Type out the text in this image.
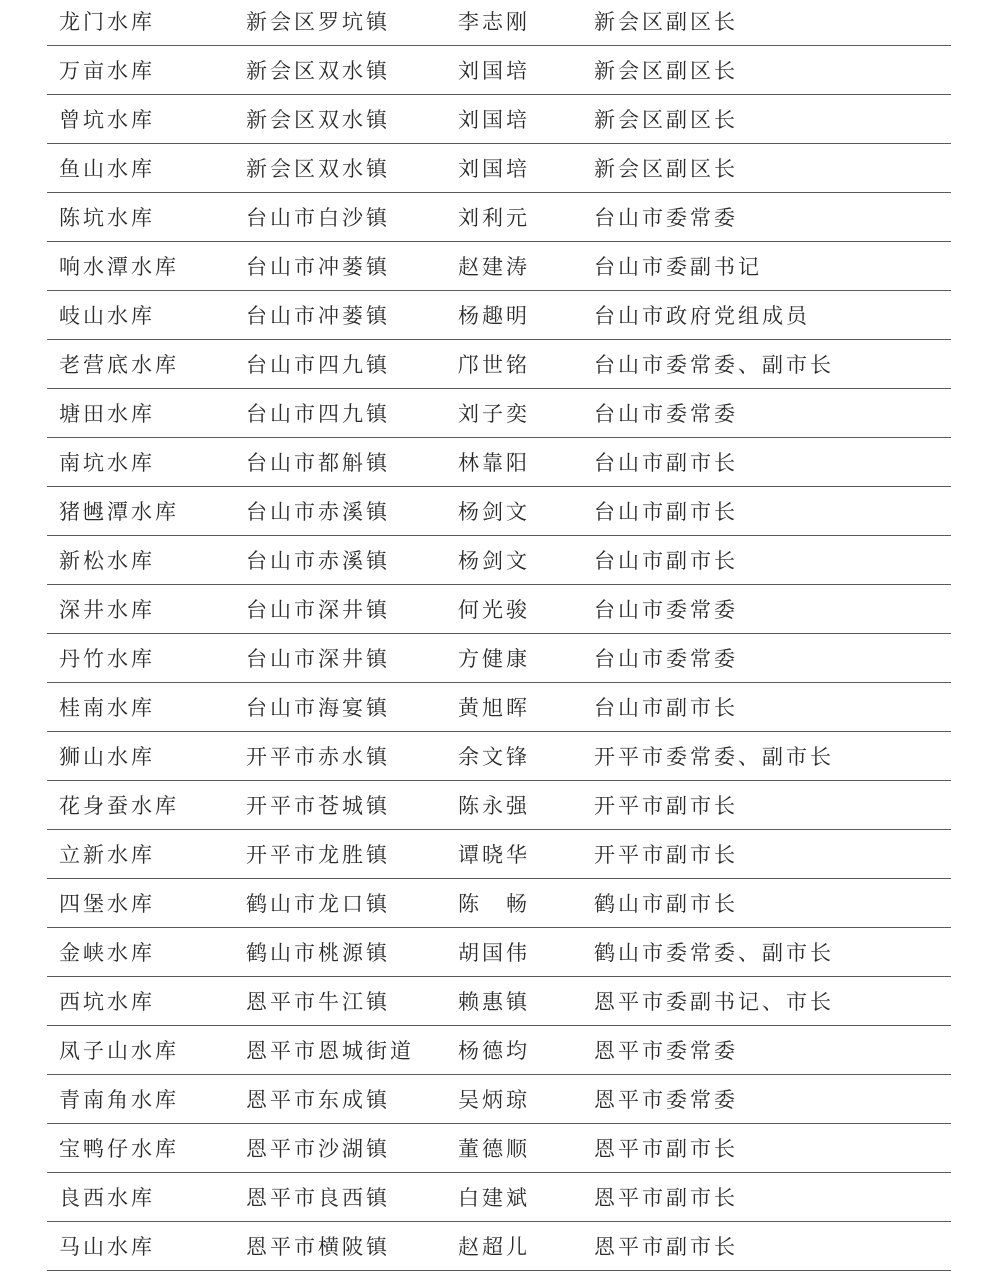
龙门水库	新会区罗坑镇	李志刚	新会区副区长
万亩水库	新会区双水镇	刘国培	新会区副区长
曾坑水库	新会区双水镇	刘国培	新会区副区长
鱼山水库	新会区双水镇	刘国培	新会区副区长
陈坑水库	台山市白沙镇	刘利元	台山市委常委
响水潭水库	台山市冲蒌镇	赵建涛	台山市委副书记
岐山水库	台山市冲蒌镇	杨趣明	台山市政府党组成员
老营底水库	台山市四九镇	邝世铭	台山市委常委、副市长
塘田水库	台山市四九镇	刘子奕	台山市委常委
南坑水库	台山市都斛镇	林靠阳	台山市副市长
猪乸潭水库	台山市赤溪镇	杨剑文	台山市副市长
新松水库	台山市赤溪镇	杨剑文	台山市副市长
深井水库	台山市深井镇	何光骏	台山市委常委
丹竹水库	台山市深井镇	方健康	台山市委常委
桂南水库	台山市海宴镇	黄旭晖	台山市副市长
狮山水库	开平市赤水镇	余文锋	开平市委常委、副市长
花身蚕水库	开平市苍城镇	陈永强	开平市副市长
立新水库	开平市龙胜镇	谭晓华	开平市副市长
四堡水库	鹤山市龙口镇	陈　畅	鹤山市副市长
金峡水库	鹤山市桃源镇	胡国伟	鹤山市委常委、副市长
西坑水库	恩平市牛江镇	赖惠镇	恩平市委副书记、市长
凤子山水库	恩平市恩城街道 杨德均	恩平市委常委
青南角水库	恩平市东成镇	吴炳琼	恩平市委常委
宝鸭仔水库	恩平市沙湖镇	董德顺	恩平市副市长
良西水库	恩平市良西镇	白建斌	恩平市副市长
马山水库	恩平市横陂镇	赵超儿	恩平市副市长
